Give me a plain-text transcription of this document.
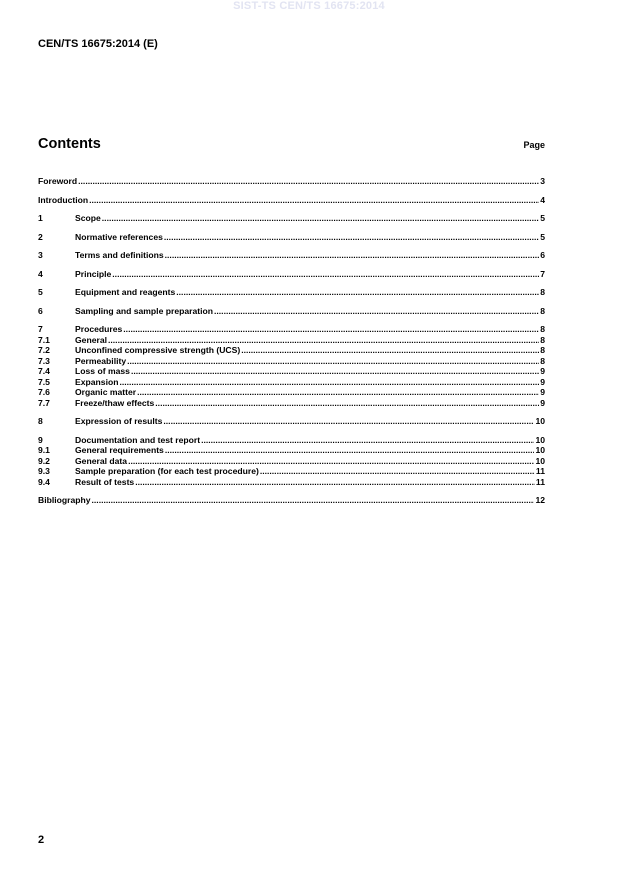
SIST-TS CEN/TS 16675:2014
CEN/TS 16675:2014 (E)
Contents	Page
Foreword .....	3
Introduction .....	4
1	Scope .....	5
2	Normative references .....	5
3	Terms and definitions .....	6
4	Principle .....	7
5	Equipment and reagents .....	8
6	Sampling and sample preparation .....	8
7	Procedures .....	8
7.1	General .....	8
7.2	Unconfined compressive strength (UCS) .....	8
7.3	Permeability .....	8
7.4	Loss of mass .....	9
7.5	Expansion .....	9
7.6	Organic matter .....	9
7.7	Freeze/thaw effects .....	9
8	Expression of results .....	10
9	Documentation and test report .....	10
9.1	General requirements .....	10
9.2	General data .....	10
9.3	Sample preparation (for each test procedure) .....	11
9.4	Result of tests .....	11
Bibliography .....	12
2
